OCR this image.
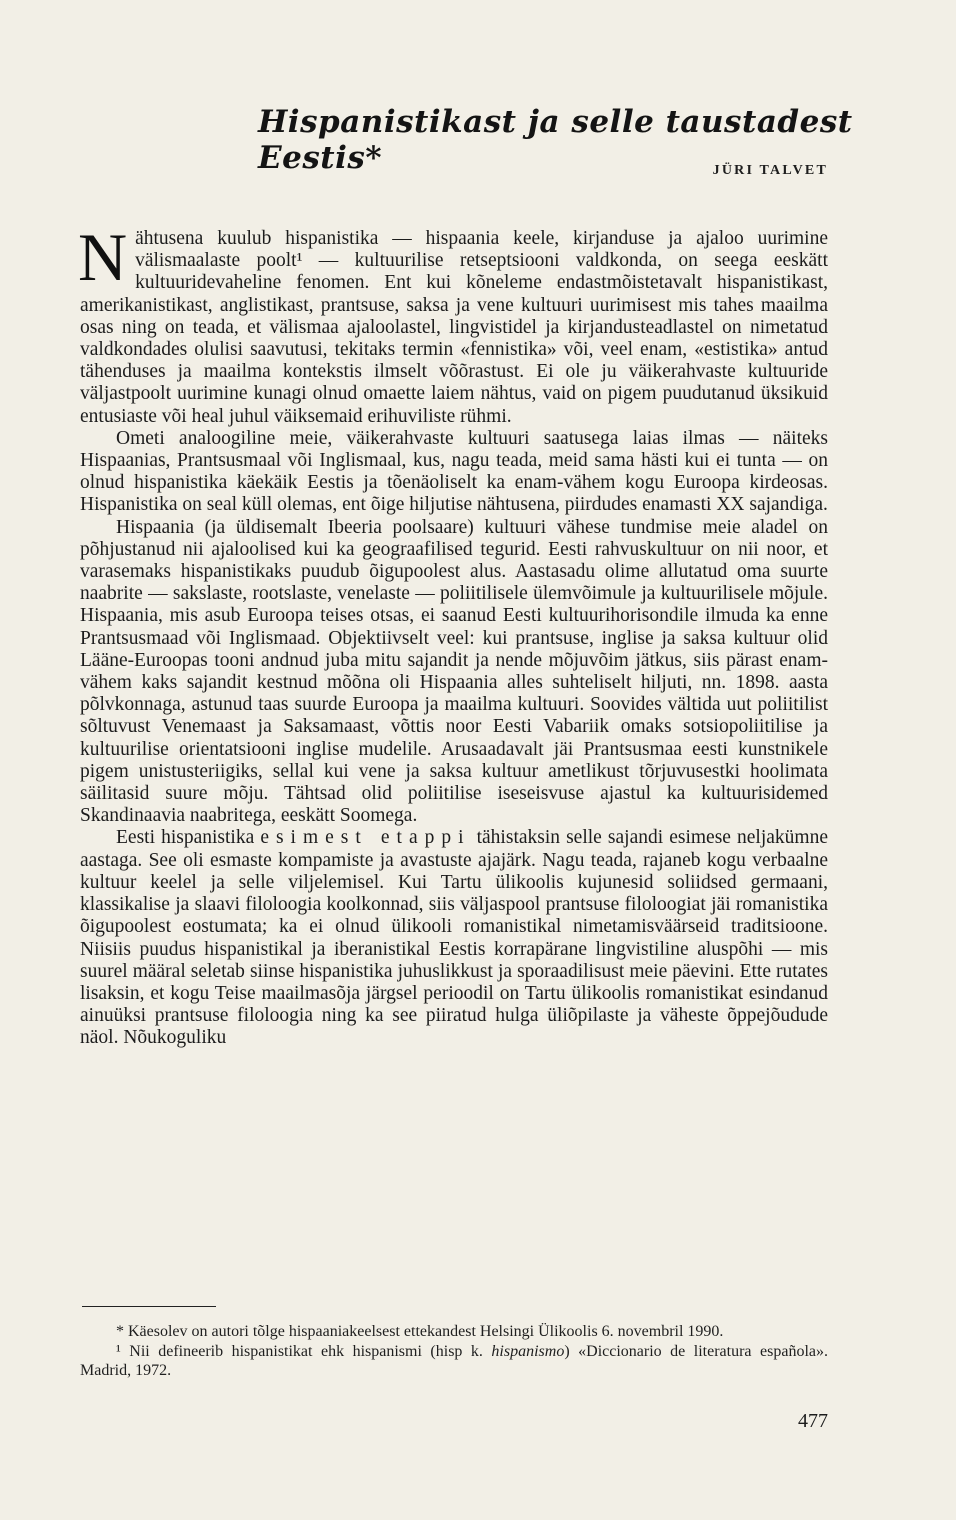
Hispanistikast ja selle taustadest Eestis*	JÜRI TALVET

Nähtusena kuulub hispanistika — hispaania keele, kirjanduse ja ajaloo uurimine välismaalaste poolt¹ — kultuurilise retseptsiooni valdkonda, on seega eeskätt kultuuridevaheline fenomen. Ent kui kõneleme endastmõistetavalt hispanistikast, amerikanistikast, anglistikast, prantsuse, saksa ja vene kultuuri uurimisest mis tahes maailma osas ning on teada, et välismaa ajaloolastel, lingvistidel ja kirjandusteadlastel on nimetatud valdkondades olulisi saavutusi, tekitaks termin «fennistika» või, veel enam, «estistika» antud tähenduses ja maailma kontekstis ilmselt võõrastust. Ei ole ju väikerahvaste kultuuride väljastpoolt uurimine kunagi olnud omaette laiem nähtus, vaid on pigem puudutanud üksikuid entusiaste või heal juhul väiksemaid erihuviliste rühmi.

Ometi analoogiline meie, väikerahvaste kultuuri saatusega laias ilmas — näiteks Hispaanias, Prantsusmaal või Inglismaal, kus, nagu teada, meid sama hästi kui ei tunta — on olnud hispanistika käekäik Eestis ja tõenäoliselt ka enam-vähem kogu Euroopa kirdeosas. Hispanistika on seal küll olemas, ent õige hiljutise nähtusena, piirdudes enamasti XX sajandiga.

Hispaania (ja üldisemalt Ibeeria poolsaare) kultuuri vähese tundmise meie aladel on põhjustanud nii ajaloolised kui ka geograafilised tegurid. Eesti rahvuskultuur on nii noor, et varasemaks hispanistikaks puudub õigupoolest alus. Aastasadu olime allutatud oma suurte naabrite — sakslaste, rootslaste, venelaste — poliitilisele ülemvõimule ja kultuurilisele mõjule. Hispaania, mis asub Euroopa teises otsas, ei saanud Eesti kultuurihorisondile ilmuda ka enne Prantsusmaad või Inglismaad. Objektiivselt veel: kui prantsuse, inglise ja saksa kultuur olid Lääne-Euroopas tooni andnud juba mitu sajandit ja nende mõjuvõim jätkus, siis pärast enam-vähem kaks sajandit kestnud mõõna oli Hispaania alles suhteliselt hiljuti, nn. 1898. aasta põlvkonnaga, astunud taas suurde Euroopa ja maailma kultuuri. Soovides vältida uut poliitilist sõltuvust Venemaast ja Saksamaast, võttis noor Eesti Vabariik omaks sotsiopoliitilise ja kultuurilise orientatsiooni inglise mudelile. Arusaadavalt jäi Prantsusmaa eesti kunstnikele pigem unistusteriigiks, sellal kui vene ja saksa kultuur ametlikust tõrjuvusestki hoolimata säilitasid suure mõju. Tähtsad olid poliitilise iseseisvuse ajastul ka kultuurisidemed Skandinaavia naabritega, eeskätt Soomega.

Eesti hispanistika esimest etappi tähistaksin selle sajandi esimese neljakümne aastaga. See oli esmaste kompamiste ja avastuste ajajärk. Nagu teada, rajaneb kogu verbaalne kultuur keelel ja selle viljelemisel. Kui Tartu ülikoolis kujunesid soliidsed germaani, klassikalise ja slaavi filoloogia koolkonnad, siis väljaspool prantsuse filoloogiat jäi romanistika õigupoolest eostumata; ka ei olnud ülikooli romanistikal nimetamisväärseid traditsioone. Niisiis puudus hispanistikal ja iberanistikal Eestis korrapärane lingvistiline aluspõhi — mis suurel määral seletab siinse hispanistika juhuslikkust ja sporaadilisust meie päevini. Ette rutates lisaksin, et kogu Teise maailmasõja järgsel perioodil on Tartu ülikoolis romanistikat esindanud ainuüksi prantsuse filoloogia ning ka see piiratud hulga üliõpilaste ja väheste õppejõudude näol. Nõukoguliku

* Käesolev on autori tõlge hispaaniakeelsest ettekandest Helsingi Ülikoolis 6. novembril 1990.

¹ Nii defineerib hispanistikat ehk hispanismi (hisp k. hispanismo) «Diccionario de literatura española». Madrid, 1972.

477
